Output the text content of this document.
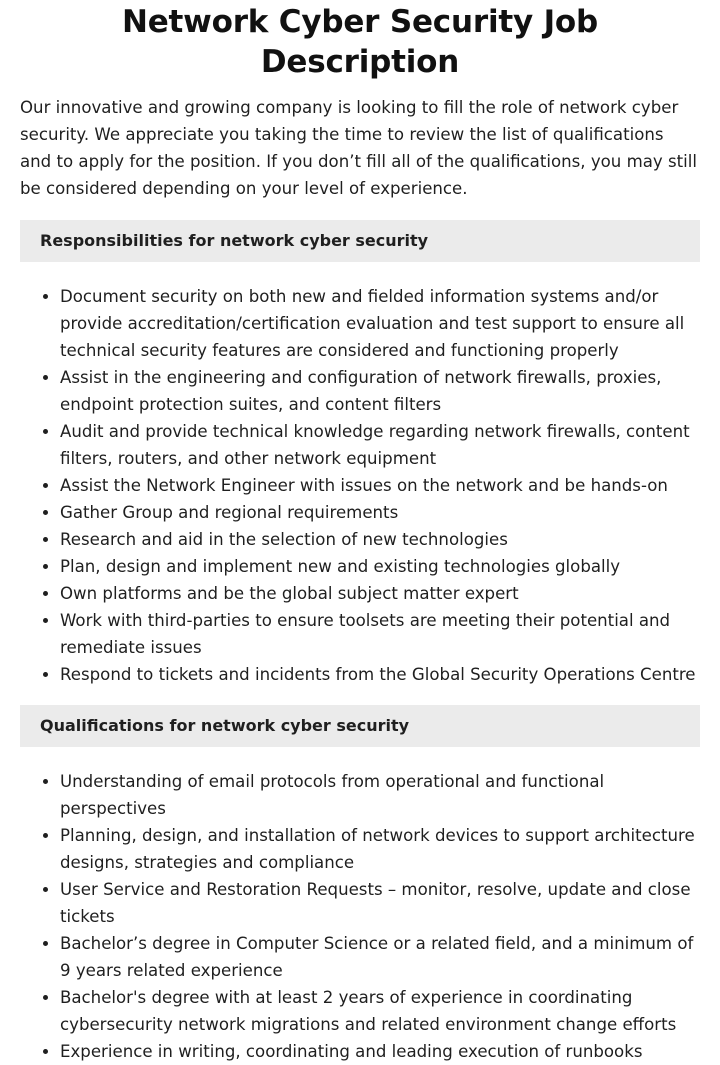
Network Cyber Security Job Description

Our innovative and growing company is looking to fill the role of network cyber security. We appreciate you taking the time to review the list of qualifications and to apply for the position. If you don’t fill all of the qualifications, you may still be considered depending on your level of experience.

Responsibilities for network cyber security
• Document security on both new and fielded information systems and/or provide accreditation/certification evaluation and test support to ensure all technical security features are considered and functioning properly
• Assist in the engineering and configuration of network firewalls, proxies, endpoint protection suites, and content filters
• Audit and provide technical knowledge regarding network firewalls, content filters, routers, and other network equipment
• Assist the Network Engineer with issues on the network and be hands-on
• Gather Group and regional requirements
• Research and aid in the selection of new technologies
• Plan, design and implement new and existing technologies globally
• Own platforms and be the global subject matter expert
• Work with third-parties to ensure toolsets are meeting their potential and remediate issues
• Respond to tickets and incidents from the Global Security Operations Centre
Qualifications for network cyber security
• Understanding of email protocols from operational and functional perspectives
• Planning, design, and installation of network devices to support architecture designs, strategies and compliance
• User Service and Restoration Requests – monitor, resolve, update and close tickets
• Bachelor’s degree in Computer Science or a related field, and a minimum of 9 years related experience
• Bachelor's degree with at least 2 years of experience in coordinating cybersecurity network migrations and related environment change efforts
• Experience in writing, coordinating and leading execution of runbooks
